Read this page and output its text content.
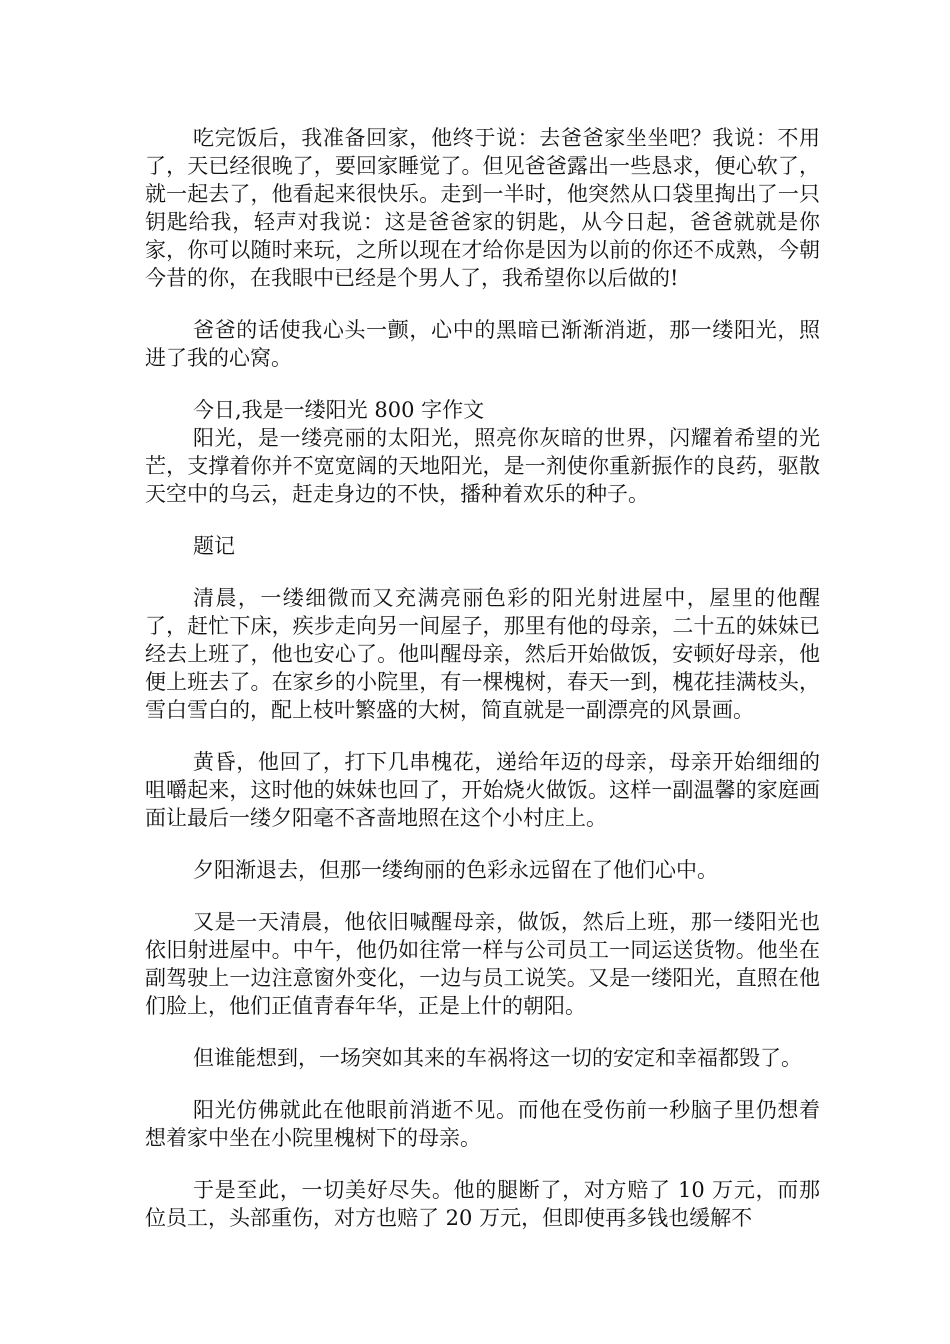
吃完饭后，我准备回家，他终于说：去爸爸家坐坐吧？我说：不用了，天已经很晚了，要回家睡觉了。但见爸爸露出一些恳求，便心软了，就一起去了，他看起来很快乐。走到一半时，他突然从口袋里掏出了一只钥匙给我，轻声对我说：这是爸爸家的钥匙，从今日起，爸爸就就是你家，你可以随时来玩，之所以现在才给你是因为以前的你还不成熟，今朝今昔的你，在我眼中已经是个男人了，我希望你以后做的!

爸爸的话使我心头一颤，心中的黑暗已渐渐消逝，那一缕阳光，照进了我的心窝。

今日,我是一缕阳光 800 字作文

阳光，是一缕亮丽的太阳光，照亮你灰暗的世界，闪耀着希望的光芒，支撑着你并不宽宽阔的天地阳光，是一剂使你重新振作的良药，驱散天空中的乌云，赶走身边的不快，播种着欢乐的种子。

题记

清晨，一缕细微而又充满亮丽色彩的阳光射进屋中，屋里的他醒了，赶忙下床，疾步走向另一间屋子，那里有他的母亲，二十五的妹妹已经去上班了，他也安心了。他叫醒母亲，然后开始做饭，安顿好母亲，他便上班去了。在家乡的小院里，有一棵槐树，春天一到，槐花挂满枝头，雪白雪白的，配上枝叶繁盛的大树，简直就是一副漂亮的风景画。

黄昏，他回了，打下几串槐花，递给年迈的母亲，母亲开始细细的咀嚼起来，这时他的妹妹也回了，开始烧火做饭。这样一副温馨的家庭画面让最后一缕夕阳毫不吝啬地照在这个小村庄上。

夕阳渐退去，但那一缕绚丽的色彩永远留在了他们心中。

又是一天清晨，他依旧喊醒母亲，做饭，然后上班，那一缕阳光也依旧射进屋中。中午，他仍如往常一样与公司员工一同运送货物。他坐在副驾驶上一边注意窗外变化，一边与员工说笑。又是一缕阳光，直照在他们脸上，他们正值青春年华，正是上什的朝阳。

但谁能想到，一场突如其来的车祸将这一切的安定和幸福都毁了。

阳光仿佛就此在他眼前消逝不见。而他在受伤前一秒脑子里仍想着想着家中坐在小院里槐树下的母亲。

于是至此，一切美好尽失。他的腿断了，对方赔了 10 万元，而那位员工，头部重伤，对方也赔了 20 万元，但即使再多钱也缓解不
